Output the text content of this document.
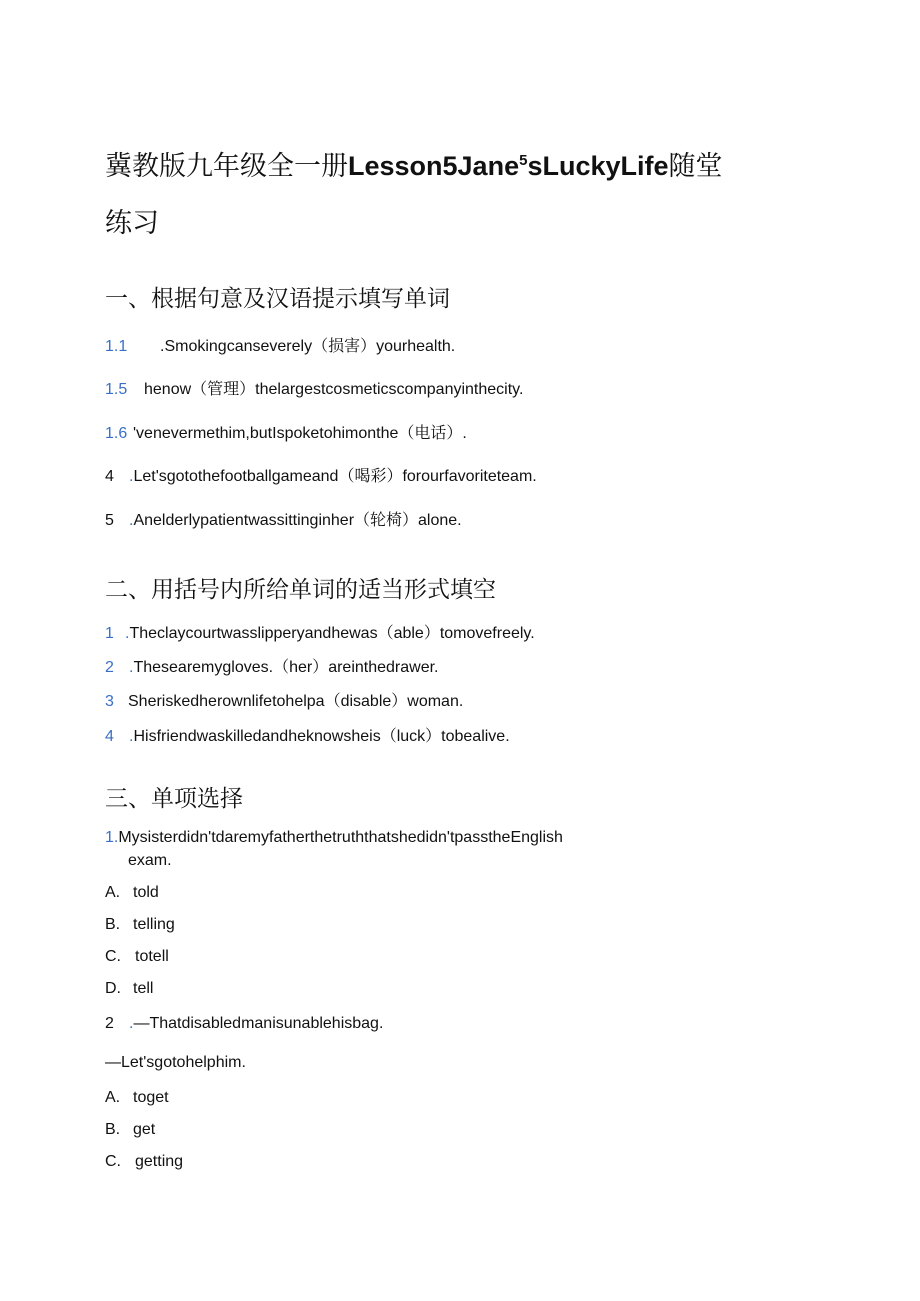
冀教版九年级全一册Lesson5Jane$^5$sLuckyLife随堂
练习
一、根据句意及汉语提示填写单词
1.1 .Smokingcanseverely（损害）yourhealth.
1.5 henow（管理）thelargestcosmeticscompanyinthecity.
1.6 'venevermethim,butIspoketohimonthe（电话）.
4 .Let'sgotothefootballgameand（喝彩）forourfavoriteteam.
5 .Anelderlypatientwassittinginher（轮椅）alone.
二、用括号内所给单词的适当形式填空
1 .Theclaycourtwasslipperyandhewas（able）tomovefreely.
2 .Thesearemygloves.（her）areinthedrawer.
3 Sheriskedherownlifetohelpa（disable）woman.
4 .Hisfriendwaskilledandheknowsheis（luck）tobealive.
三、单项选择
1.Mysisterdidn'tdaremyfatherthetruththatshedidn'tpasstheEnglish
exam.
A. told
B. telling
C. totell
D. tell
2 .—Thatdisabledmanisunablehisbag.
—Let'sgotohelphim.
A. toget
B. get
C. getting
